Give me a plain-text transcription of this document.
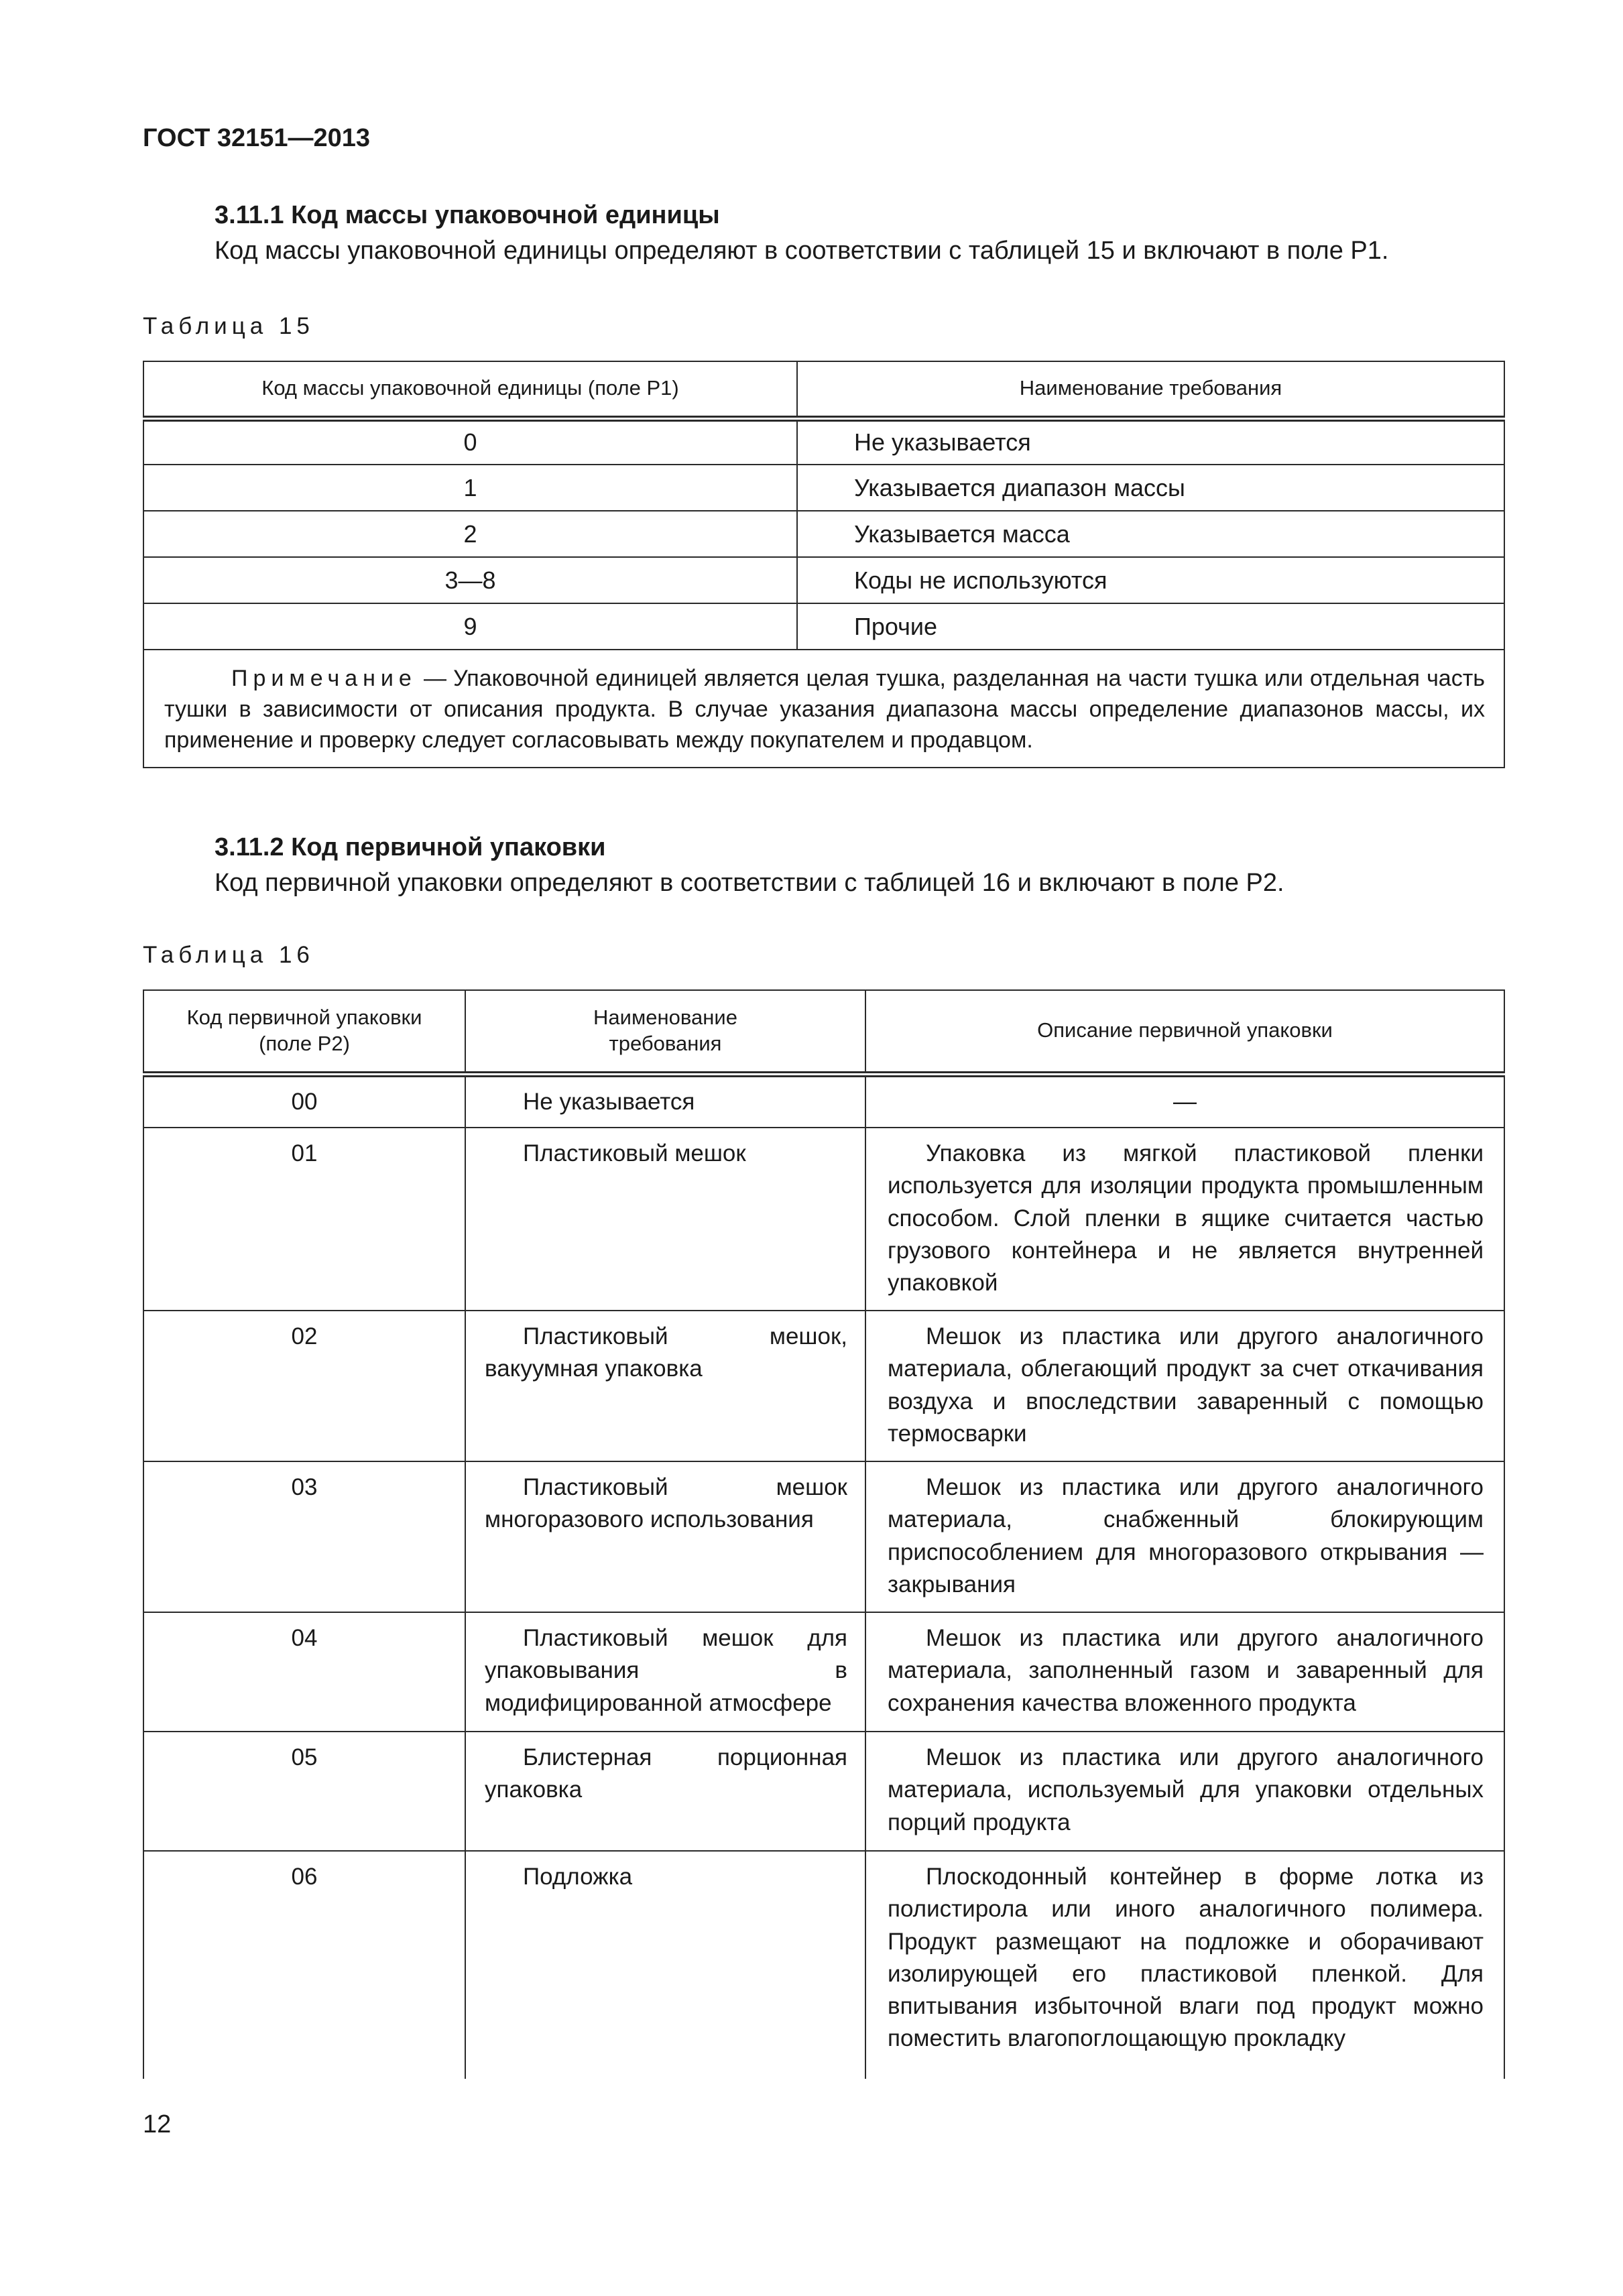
ГОСТ 32151—2013
3.11.1 Код массы упаковочной единицы
Код массы упаковочной единицы определяют в соответствии с таблицей 15 и включают в поле Р1.
Таблица 15
Код массы упаковочной единицы (поле Р1)	Наименование требования
0	Не указывается
1	Указывается диапазон массы
2	Указывается масса
3—8	Коды не используются
9	Прочие
Примечание — Упаковочной единицей является целая тушка, разделанная на части тушка или отдельная часть тушки в зависимости от описания продукта. В случае указания диапазона массы определение диапазонов массы, их применение и проверку следует согласовывать между покупателем и продавцом.	
3.11.2 Код первичной упаковки
Код первичной упаковки определяют в соответствии с таблицей 16 и включают в поле Р2.
Таблица 16
Код первичной упаковки (поле Р2)	Наименование требования	Описание первичной упаковки
00	Не указывается	—
01	Пластиковый мешок	Упаковка из мягкой пластиковой пленки используется для изоляции продукта промышленным способом. Слой пленки в ящике считается частью грузового контейнера и не является внутренней упаковкой
02	Пластиковый мешок, вакуумная упаковка	Мешок из пластика или другого аналогичного материала, облегающий продукт за счет откачивания воздуха и впоследствии заваренный с помощью термосварки
03	Пластиковый мешок многоразового использования	Мешок из пластика или другого аналогичного материала, снабженный блокирующим приспособлением для многоразового открывания — закрывания
04	Пластиковый мешок для упаковывания в модифицированной атмосфере	Мешок из пластика или другого аналогичного материала, заполненный газом и заваренный для сохранения качества вложенного продукта
05	Блистерная порционная упаковка	Мешок из пластика или другого аналогичного материала, используемый для упаковки отдельных порций продукта
06	Подложка	Плоскодонный контейнер в форме лотка из полистирола или иного аналогичного полимера. Продукт размещают на подложке и оборачивают изолирующей его пластиковой пленкой. Для впитывания избыточной влаги под продукт можно поместить влагопоглощающую прокладку
12
